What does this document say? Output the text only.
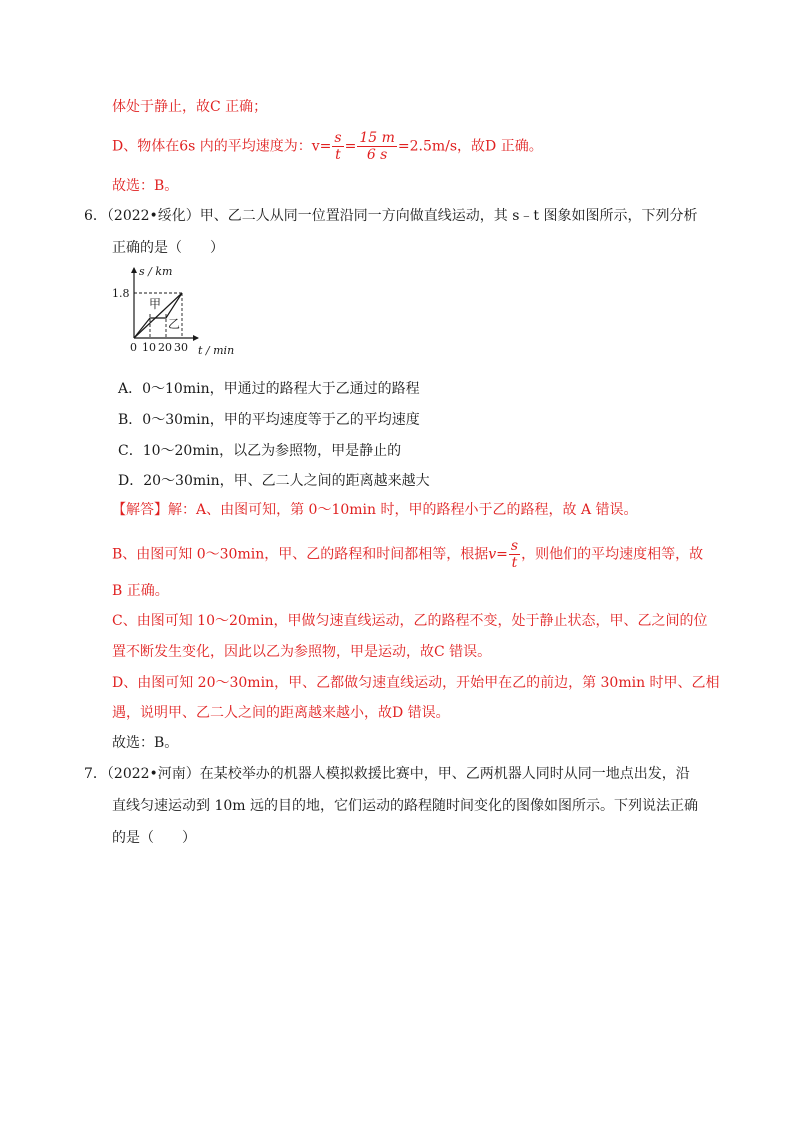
体处于静止，故C 正确；
D、物体在6s 内的平均速度为：$v= \frac{s}{t} = \frac{15 m}{6 s} =2.5m/s$，故D 正确。
故选：B。
6．（2022•绥化）甲、乙二人从同一位置沿同一方向做直线运动，其 s﹣t 图象如图所示，下列分析
正确的是（　　）
s / km
t / min
1.8
0 10 20 30
甲
乙
A．0～10min，甲通过的路程大于乙通过的路程
B．0～30min，甲的平均速度等于乙的平均速度
C．10～20min，以乙为参照物，甲是静止的
D．20～30min，甲、乙二人之间的距离越来越大
【解答】解：A、由图可知，第 0～10min 时，甲的路程小于乙的路程，故 A 错误。
B、由图可知 0～30min，甲、乙的路程和时间都相等，根据$v= \frac{s}{t}$ ，则他们的平均速度相等，故
B 正确。
C、由图可知 10～20min，甲做匀速直线运动，乙的路程不变，处于静止状态，甲、乙之间的位
置不断发生变化，因此以乙为参照物，甲是运动，故C 错误。
D、由图可知 20～30min，甲、乙都做匀速直线运动，开始甲在乙的前边，第 30min 时甲、乙相
遇，说明甲、乙二人之间的距离越来越小，故D 错误。
故选：B。
7．（2022•河南）在某校举办的机器人模拟救援比赛中，甲、乙两机器人同时从同一地点出发，沿
直线匀速运动到 10m 远的目的地，它们运动的路程随时间变化的图像如图所示。下列说法正确
的是（　　）
